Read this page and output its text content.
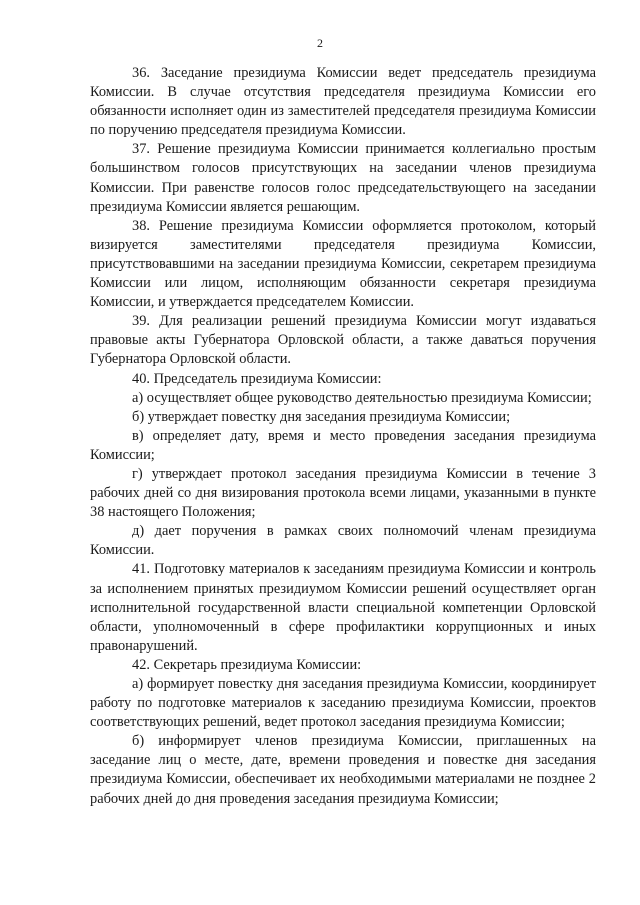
2

36. Заседание президиума Комиссии ведет председатель президиума Комиссии. В случае отсутствия председателя президиума Комиссии его обязанности исполняет один из заместителей председателя президиума Комиссии по поручению председателя президиума Комиссии.

37. Решение президиума Комиссии принимается коллегиально простым большинством голосов присутствующих на заседании членов президиума Комиссии. При равенстве голосов голос председательствующего на заседании президиума Комиссии является решающим.

38. Решение президиума Комиссии оформляется протоколом, который визируется заместителями председателя президиума Комиссии, присутствовавшими на заседании президиума Комиссии, секретарем президиума Комиссии или лицом, исполняющим обязанности секретаря президиума Комиссии, и утверждается председателем Комиссии.

39. Для реализации решений президиума Комиссии могут издаваться правовые акты Губернатора Орловской области, а также даваться поручения Губернатора Орловской области.

40. Председатель президиума Комиссии:

а) осуществляет общее руководство деятельностью президиума Комиссии;

б) утверждает повестку дня заседания президиума Комиссии;

в) определяет дату, время и место проведения заседания президиума Комиссии;

г) утверждает протокол заседания президиума Комиссии в течение 3 рабочих дней со дня визирования протокола всеми лицами, указанными в пункте 38 настоящего Положения;

д) дает поручения в рамках своих полномочий членам президиума Комиссии.

41. Подготовку материалов к заседаниям президиума Комиссии и контроль за исполнением принятых президиумом Комиссии решений осуществляет орган исполнительной государственной власти специальной компетенции Орловской области, уполномоченный в сфере профилактики коррупционных и иных правонарушений.

42. Секретарь президиума Комиссии:

а) формирует повестку дня заседания президиума Комиссии, координирует работу по подготовке материалов к заседанию президиума Комиссии, проектов соответствующих решений, ведет протокол заседания президиума Комиссии;

б) информирует членов президиума Комиссии, приглашенных на заседание лиц о месте, дате, времени проведения и повестке дня заседания президиума Комиссии, обеспечивает их необходимыми материалами не позднее 2 рабочих дней до дня проведения заседания президиума Комиссии;
